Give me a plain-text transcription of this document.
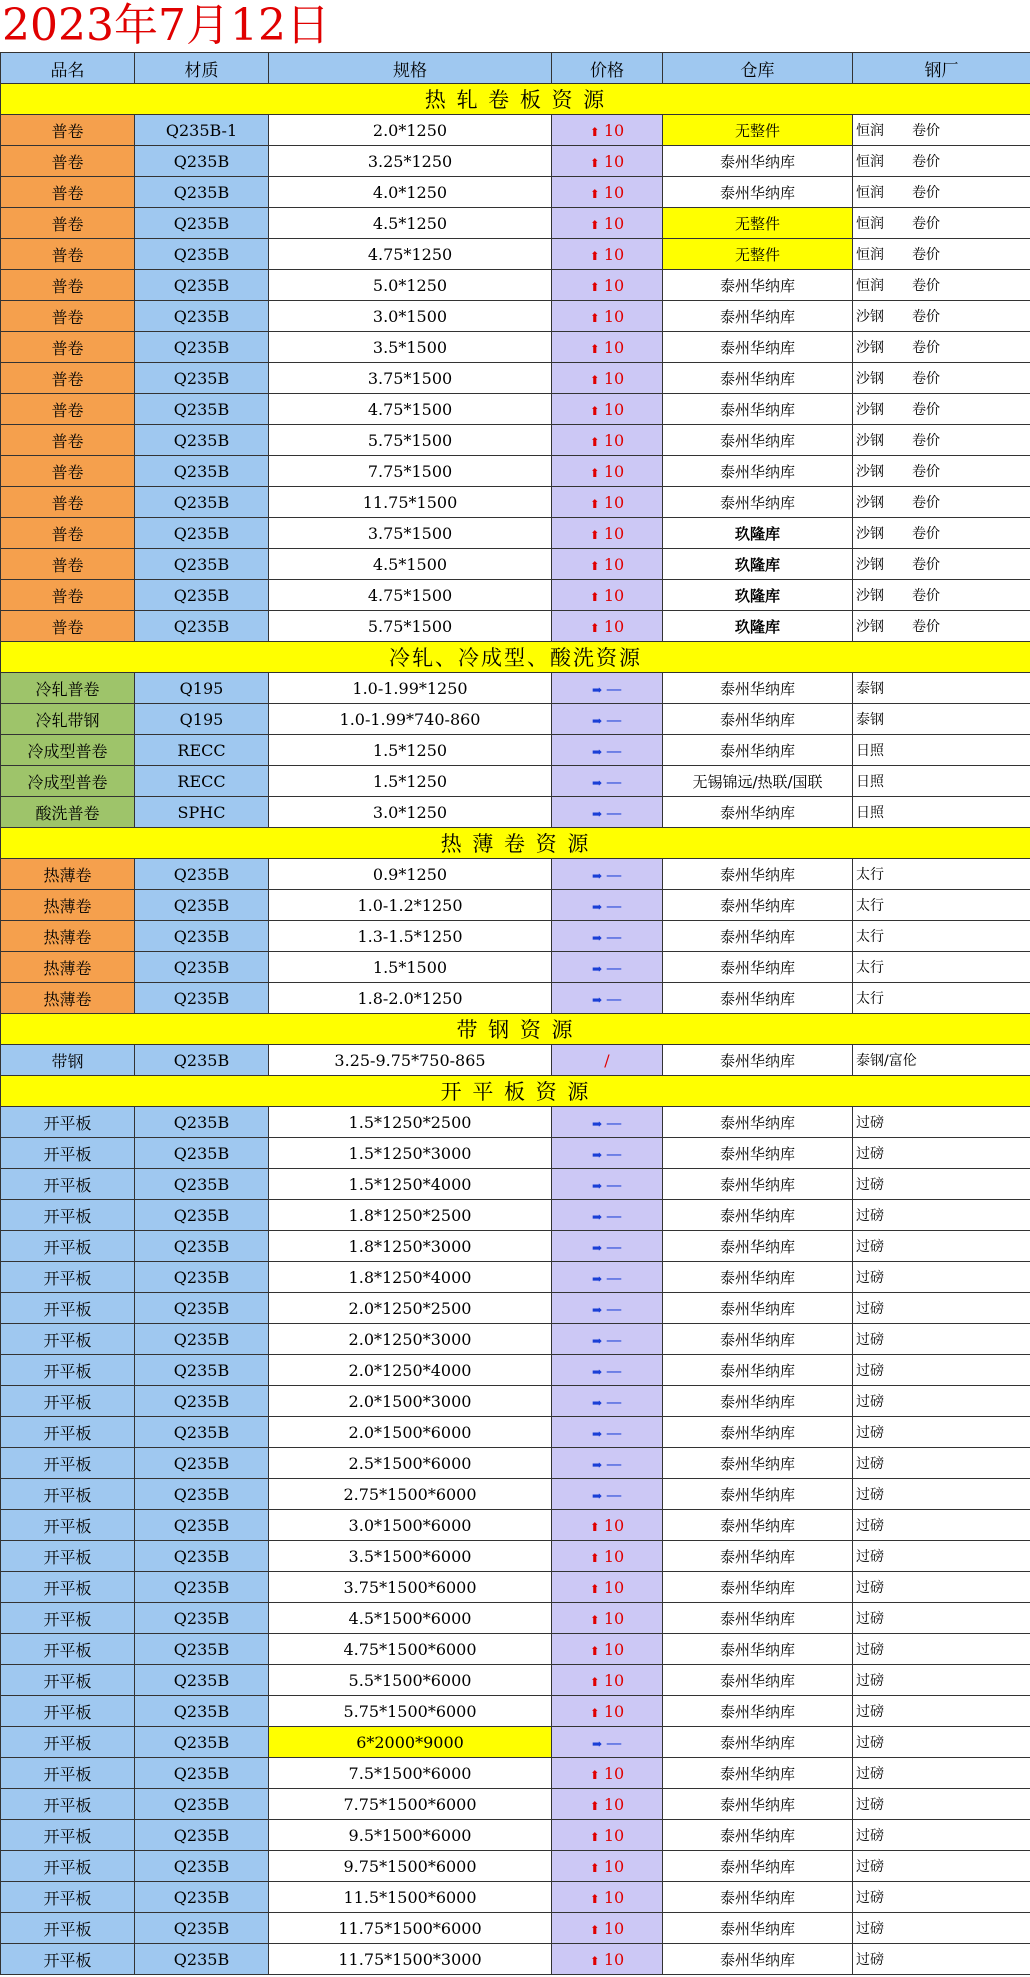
2023年7月12日
品名	材质	规格	价格	仓库	钢厂
热 轧 卷 板 资 源					
普卷	Q235B-1	2.0*1250	⬆ 10	无整件	恒润　　卷价
普卷	Q235B	3.25*1250	⬆ 10	泰州华纳库	恒润　　卷价
普卷	Q235B	4.0*1250	⬆ 10	泰州华纳库	恒润　　卷价
普卷	Q235B	4.5*1250	⬆ 10	无整件	恒润　　卷价
普卷	Q235B	4.75*1250	⬆ 10	无整件	恒润　　卷价
普卷	Q235B	5.0*1250	⬆ 10	泰州华纳库	恒润　　卷价
普卷	Q235B	3.0*1500	⬆ 10	泰州华纳库	沙钢　　卷价
普卷	Q235B	3.5*1500	⬆ 10	泰州华纳库	沙钢　　卷价
普卷	Q235B	3.75*1500	⬆ 10	泰州华纳库	沙钢　　卷价
普卷	Q235B	4.75*1500	⬆ 10	泰州华纳库	沙钢　　卷价
普卷	Q235B	5.75*1500	⬆ 10	泰州华纳库	沙钢　　卷价
普卷	Q235B	7.75*1500	⬆ 10	泰州华纳库	沙钢　　卷价
普卷	Q235B	11.75*1500	⬆ 10	泰州华纳库	沙钢　　卷价
普卷	Q235B	3.75*1500	⬆ 10	玖隆库	沙钢　　卷价
普卷	Q235B	4.5*1500	⬆ 10	玖隆库	沙钢　　卷价
普卷	Q235B	4.75*1500	⬆ 10	玖隆库	沙钢　　卷价
普卷	Q235B	5.75*1500	⬆ 10	玖隆库	沙钢　　卷价
冷轧、冷成型、酸洗资源					
冷轧普卷	Q195	1.0-1.99*1250	➡ —	泰州华纳库	泰钢
冷轧带钢	Q195	1.0-1.99*740-860	➡ —	泰州华纳库	泰钢
冷成型普卷	RECC	1.5*1250	➡ —	泰州华纳库	日照
冷成型普卷	RECC	1.5*1250	➡ —	无锡锦远/热联/国联	日照
酸洗普卷	SPHC	3.0*1250	➡ —	泰州华纳库	日照
热 薄 卷 资 源					
热薄卷	Q235B	0.9*1250	➡ —	泰州华纳库	太行
热薄卷	Q235B	1.0-1.2*1250	➡ —	泰州华纳库	太行
热薄卷	Q235B	1.3-1.5*1250	➡ —	泰州华纳库	太行
热薄卷	Q235B	1.5*1500	➡ —	泰州华纳库	太行
热薄卷	Q235B	1.8-2.0*1250	➡ —	泰州华纳库	太行
带 钢 资 源					
带钢	Q235B	3.25-9.75*750-865	/	泰州华纳库	泰钢/富伦
开 平 板 资 源					
开平板	Q235B	1.5*1250*2500	➡ —	泰州华纳库	过磅
开平板	Q235B	1.5*1250*3000	➡ —	泰州华纳库	过磅
开平板	Q235B	1.5*1250*4000	➡ —	泰州华纳库	过磅
开平板	Q235B	1.8*1250*2500	➡ —	泰州华纳库	过磅
开平板	Q235B	1.8*1250*3000	➡ —	泰州华纳库	过磅
开平板	Q235B	1.8*1250*4000	➡ —	泰州华纳库	过磅
开平板	Q235B	2.0*1250*2500	➡ —	泰州华纳库	过磅
开平板	Q235B	2.0*1250*3000	➡ —	泰州华纳库	过磅
开平板	Q235B	2.0*1250*4000	➡ —	泰州华纳库	过磅
开平板	Q235B	2.0*1500*3000	➡ —	泰州华纳库	过磅
开平板	Q235B	2.0*1500*6000	➡ —	泰州华纳库	过磅
开平板	Q235B	2.5*1500*6000	➡ —	泰州华纳库	过磅
开平板	Q235B	2.75*1500*6000	➡ —	泰州华纳库	过磅
开平板	Q235B	3.0*1500*6000	⬆ 10	泰州华纳库	过磅
开平板	Q235B	3.5*1500*6000	⬆ 10	泰州华纳库	过磅
开平板	Q235B	3.75*1500*6000	⬆ 10	泰州华纳库	过磅
开平板	Q235B	4.5*1500*6000	⬆ 10	泰州华纳库	过磅
开平板	Q235B	4.75*1500*6000	⬆ 10	泰州华纳库	过磅
开平板	Q235B	5.5*1500*6000	⬆ 10	泰州华纳库	过磅
开平板	Q235B	5.75*1500*6000	⬆ 10	泰州华纳库	过磅
开平板	Q235B	6*2000*9000	➡ —	泰州华纳库	过磅
开平板	Q235B	7.5*1500*6000	⬆ 10	泰州华纳库	过磅
开平板	Q235B	7.75*1500*6000	⬆ 10	泰州华纳库	过磅
开平板	Q235B	9.5*1500*6000	⬆ 10	泰州华纳库	过磅
开平板	Q235B	9.75*1500*6000	⬆ 10	泰州华纳库	过磅
开平板	Q235B	11.5*1500*6000	⬆ 10	泰州华纳库	过磅
开平板	Q235B	11.75*1500*6000	⬆ 10	泰州华纳库	过磅
开平板	Q235B	11.75*1500*3000	⬆ 10	泰州华纳库	过磅
